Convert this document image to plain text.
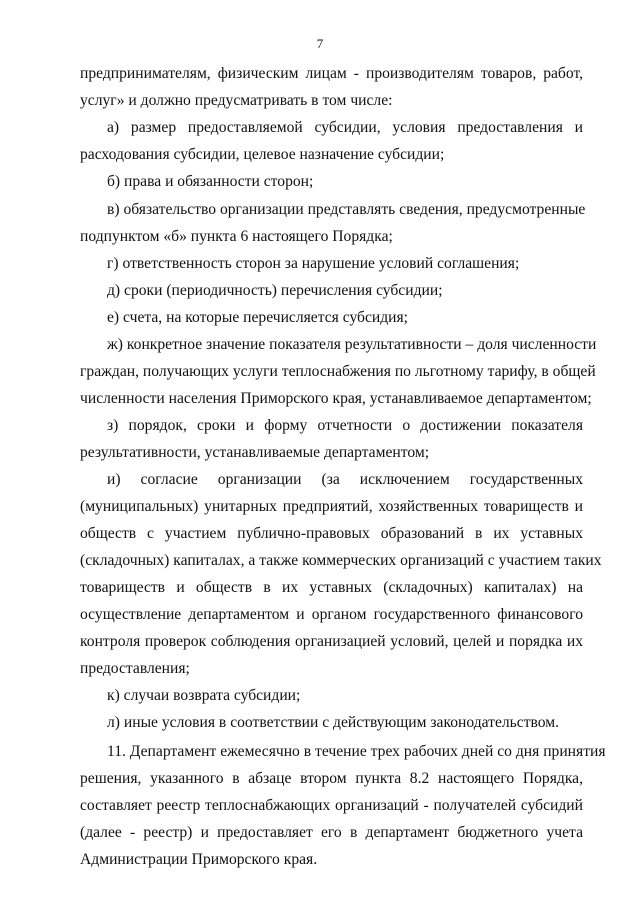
7
предпринимателям, физическим лицам - производителям товаров, работ,
услуг» и должно предусматривать в том числе:
а) размер предоставляемой субсидии, условия предоставления и
расходования субсидии, целевое назначение субсидии;
б) права и обязанности сторон;
в) обязательство организации представлять сведения, предусмотренные
подпунктом «б» пункта 6 настоящего Порядка;
г) ответственность сторон за нарушение условий соглашения;
д) сроки (периодичность) перечисления субсидии;
е) счета, на которые перечисляется субсидия;
ж) конкретное значение показателя результативности – доля численности
граждан, получающих услуги теплоснабжения по льготному тарифу, в общей
численности населения Приморского края, устанавливаемое департаментом;
з) порядок, сроки и форму отчетности о достижении показателя
результативности, устанавливаемые департаментом;
и) согласие организации (за исключением государственных
(муниципальных) унитарных предприятий, хозяйственных товариществ и
обществ с участием публично-правовых образований в их уставных
(складочных) капиталах, а также коммерческих организаций с участием таких
товариществ и обществ в их уставных (складочных) капиталах) на
осуществление департаментом и органом государственного финансового
контроля проверок соблюдения организацией условий, целей и порядка их
предоставления;
к) случаи возврата субсидии;
л) иные условия в соответствии с действующим законодательством.
11. Департамент ежемесячно в течение трех рабочих дней со дня принятия
решения, указанного в абзаце втором пункта 8.2 настоящего Порядка,
составляет реестр теплоснабжающих организаций - получателей субсидий
(далее - реестр) и предоставляет его в департамент бюджетного учета
Администрации Приморского края.
